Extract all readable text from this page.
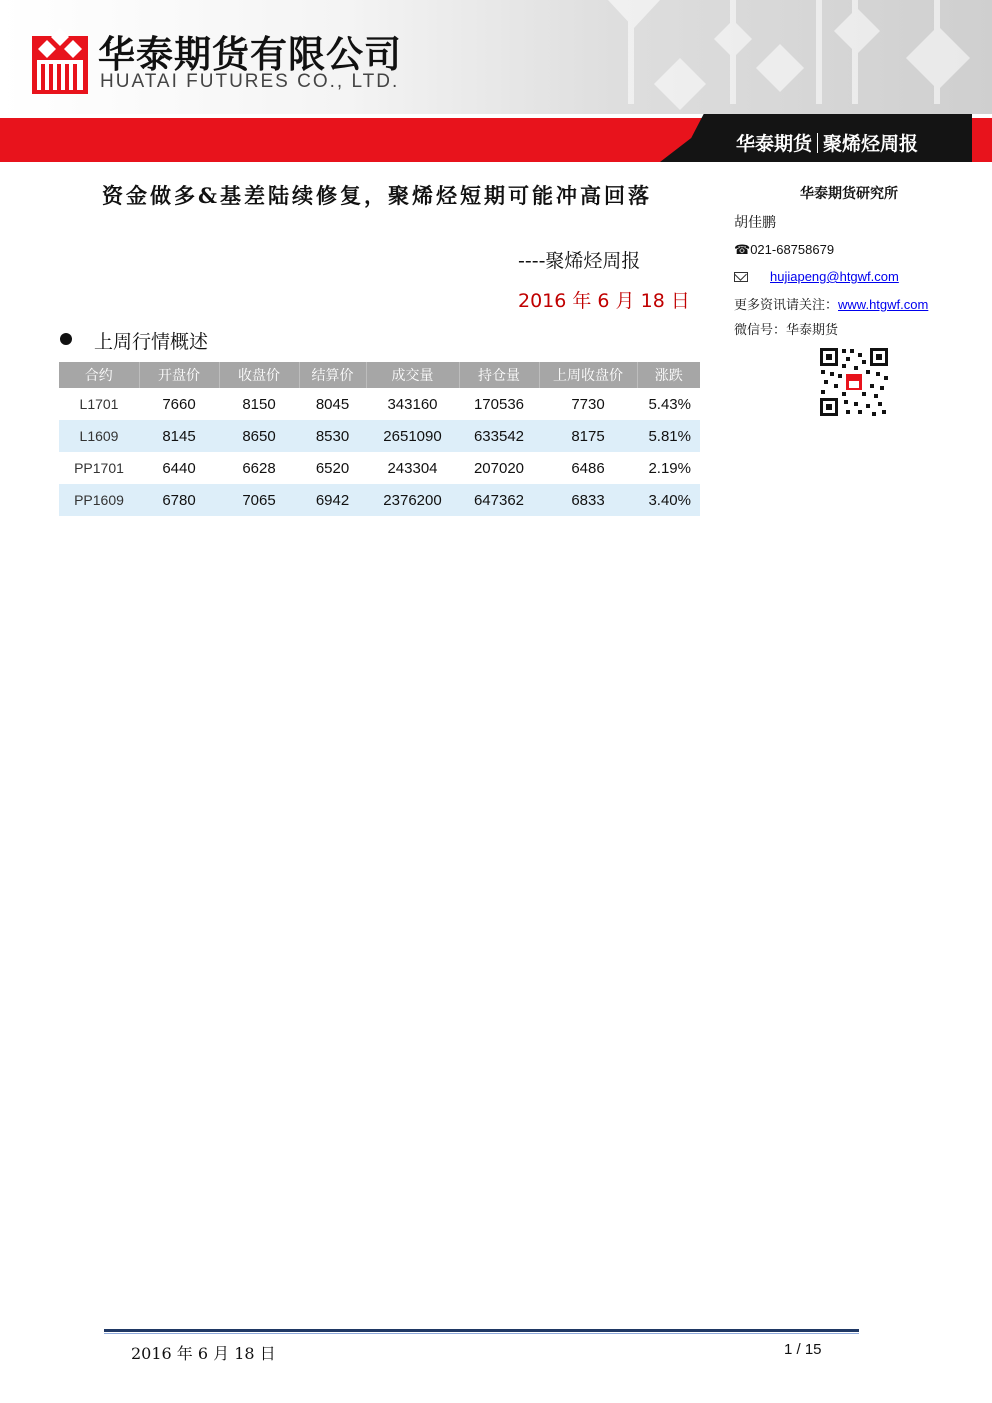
华泰期货有限公司
HUATAI FUTURES CO., LTD.
华泰期货 聚烯烃周报
资金做多&基差陆续修复，聚烯烃短期可能冲高回落
----聚烯烃周报
2016 年 6 月 18 日
华泰期货研究所
胡佳鹏
☎021-68758679
hujiapeng@htgwf.com
更多资讯请关注：www.htgwf.com
微信号：华泰期货
上周行情概述
合约	开盘价	收盘价	结算价	成交量	持仓量	上周收盘价	涨跌
L1701	7660	8150	8045	343160	170536	7730	5.43%
L1609	8145	8650	8530	2651090	633542	8175	5.81%
PP1701	6440	6628	6520	243304	207020	6486	2.19%
PP1609	6780	7065	6942	2376200	647362	6833	3.40%
2016 年 6 月 18 日	1 / 15
